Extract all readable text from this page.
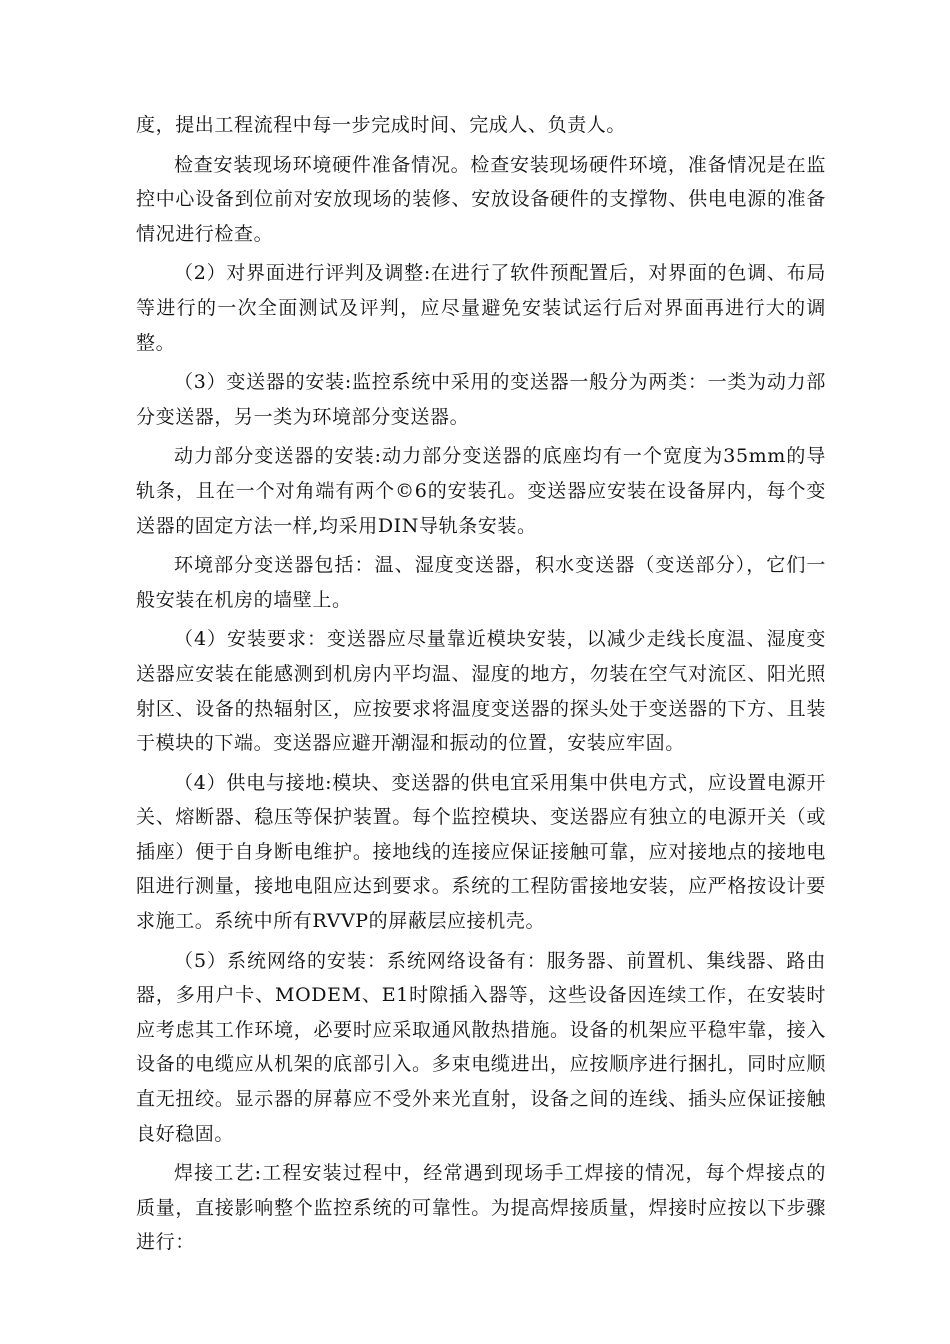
度，提出工程流程中每一步完成时间、完成人、负责人。

检查安装现场环境硬件准备情况。检查安装现场硬件环境，准备情况是在监控中心设备到位前对安放现场的装修、安放设备硬件的支撑物、供电电源的准备情况进行检查。

（2）对界面进行评判及调整:在进行了软件预配置后，对界面的色调、布局等进行的一次全面测试及评判，应尽量避免安装试运行后对界面再进行大的调整。

（3）变送器的安装:监控系统中采用的变送器一般分为两类：一类为动力部分变送器，另一类为环境部分变送器。

动力部分变送器的安装:动力部分变送器的底座均有一个宽度为35mm的导轨条，且在一个对角端有两个©6的安装孔。变送器应安装在设备屏内，每个变送器的固定方法一样,均采用DIN导轨条安装。

环境部分变送器包括：温、湿度变送器，积水变送器（变送部分），它们一般安装在机房的墙壁上。

（4）安装要求：变送器应尽量靠近模块安装，以减少走线长度温、湿度变送器应安装在能感测到机房内平均温、湿度的地方，勿装在空气对流区、阳光照射区、设备的热辐射区，应按要求将温度变送器的探头处于变送器的下方、且装于模块的下端。变送器应避开潮湿和振动的位置，安装应牢固。

（4）供电与接地:模块、变送器的供电宜采用集中供电方式，应设置电源开关、熔断器、稳压等保护装置。每个监控模块、变送器应有独立的电源开关（或插座）便于自身断电维护。接地线的连接应保证接触可靠，应对接地点的接地电阻进行测量，接地电阻应达到要求。系统的工程防雷接地安装，应严格按设计要求施工。系统中所有RVVP的屏蔽层应接机壳。

（5）系统网络的安装：系统网络设备有：服务器、前置机、集线器、路由器，多用户卡、MODEM、E1时隙插入器等，这些设备因连续工作，在安装时应考虑其工作环境，必要时应采取通风散热措施。设备的机架应平稳牢靠，接入设备的电缆应从机架的底部引入。多束电缆进出，应按顺序进行捆扎，同时应顺直无扭绞。显示器的屏幕应不受外来光直射，设备之间的连线、插头应保证接触良好稳固。

焊接工艺:工程安装过程中，经常遇到现场手工焊接的情况，每个焊接点的质量，直接影响整个监控系统的可靠性。为提高焊接质量，焊接时应按以下步骤进行：
